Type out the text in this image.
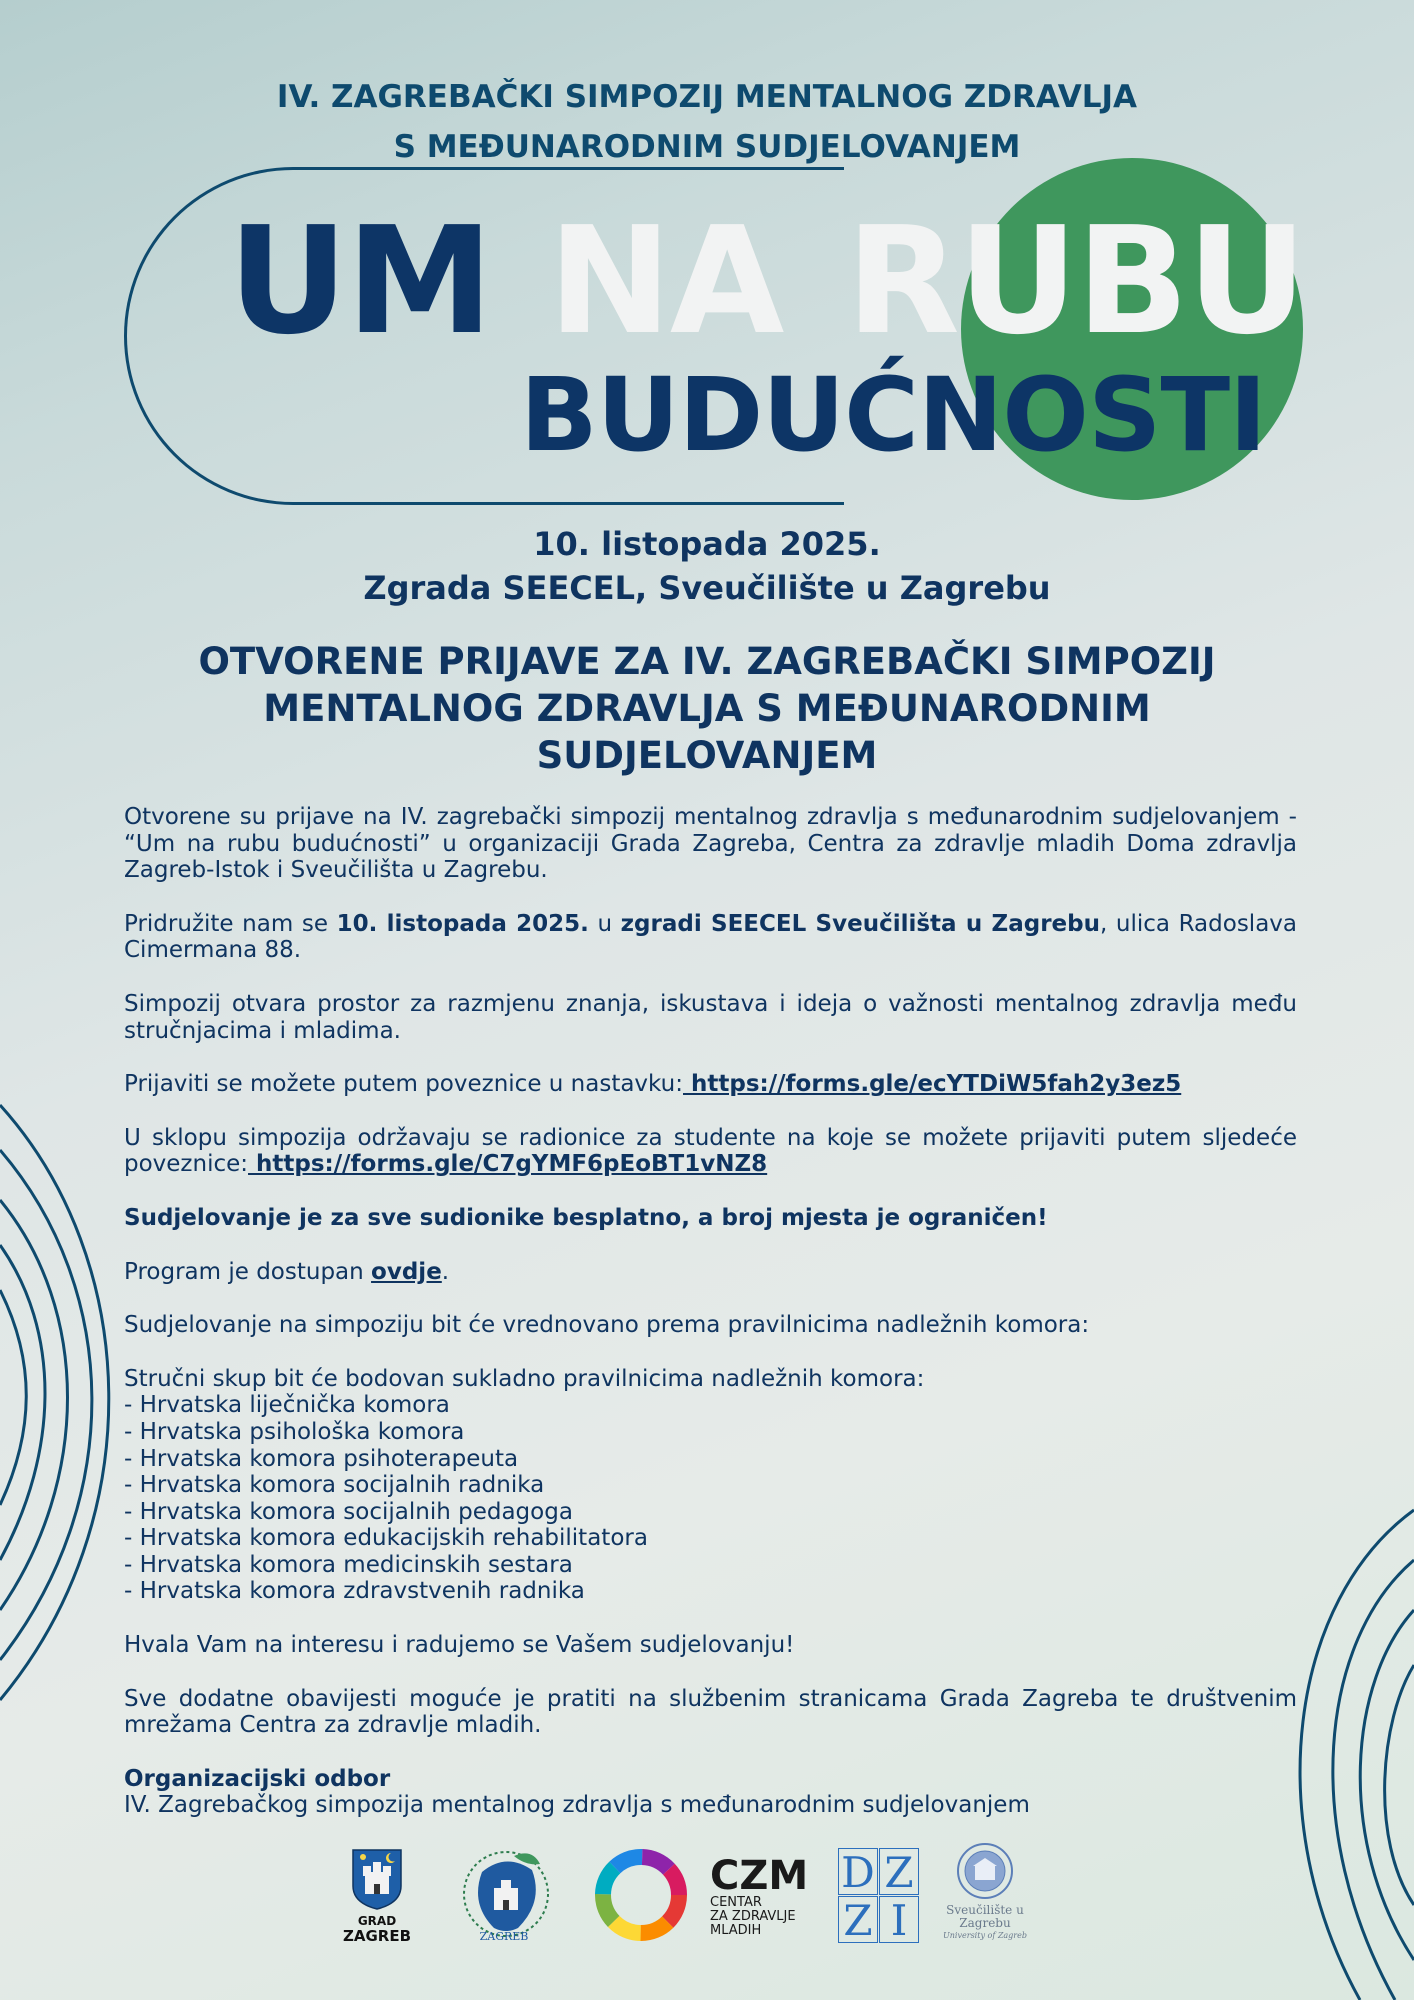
IV. ZAGREBAČKI SIMPOZIJ MENTALNOG ZDRAVLJA
S MEĐUNARODNIM SUDJELOVANJEM
UM NA RUBU
BUDUĆNOSTI
10. listopada 2025.
Zgrada SEECEL, Sveučilište u Zagrebu
OTVORENE PRIJAVE ZA IV. ZAGREBAČKI SIMPOZIJ MENTALNOG ZDRAVLJA S MEĐUNARODNIM SUDJELOVANJEM

Otvorene su prijave na IV. zagrebački simpozij mentalnog zdravlja s međunarodnim sudjelovanjem - “Um na rubu budućnosti” u organizaciji Grada Zagreba, Centra za zdravlje mladih Doma zdravlja Zagreb-Istok i Sveučilišta u Zagrebu.

Pridružite nam se 10. listopada 2025. u zgradi SEECEL Sveučilišta u Zagrebu, ulica Radoslava Cimermana 88.

Simpozij otvara prostor za razmjenu znanja, iskustava i ideja o važnosti mentalnog zdravlja među stručnjacima i mladima.

Prijaviti se možete putem poveznice u nastavku: https://forms.gle/ecYTDiW5fah2y3ez5

U sklopu simpozija održavaju se radionice za studente na koje se možete prijaviti putem sljedeće poveznice: https://forms.gle/C7gYMF6pEoBT1vNZ8

Sudjelovanje je za sve sudionike besplatno, a broj mjesta je ograničen!

Program je dostupan ovdje.

Sudjelovanje na simpoziju bit će vrednovano prema pravilnicima nadležnih komora:

Stručni skup bit će bodovan sukladno pravilnicima nadležnih komora:
- Hrvatska liječnička komora
- Hrvatska psihološka komora
- Hrvatska komora psihoterapeuta
- Hrvatska komora socijalnih radnika
- Hrvatska komora socijalnih pedagoga
- Hrvatska komora edukacijskih rehabilitatora
- Hrvatska komora medicinskih sestara
- Hrvatska komora zdravstvenih radnika

Hvala Vam na interesu i radujemo se Vašem sudjelovanju!

Sve dodatne obavijesti moguće je pratiti na službenim stranicama Grada Zagreba te društvenim mrežama Centra za zdravlje mladih.

Organizacijski odbor
IV. Zagrebačkog simpozija mentalnog zdravlja s međunarodnim sudjelovanjem

GRAD
ZAGREB	ZAGREB
CZM
CENTAR
ZA ZDRAVLJE
MLADIH
D Z
Z I	Sveučilište u
Zagrebu
University of Zagreb
